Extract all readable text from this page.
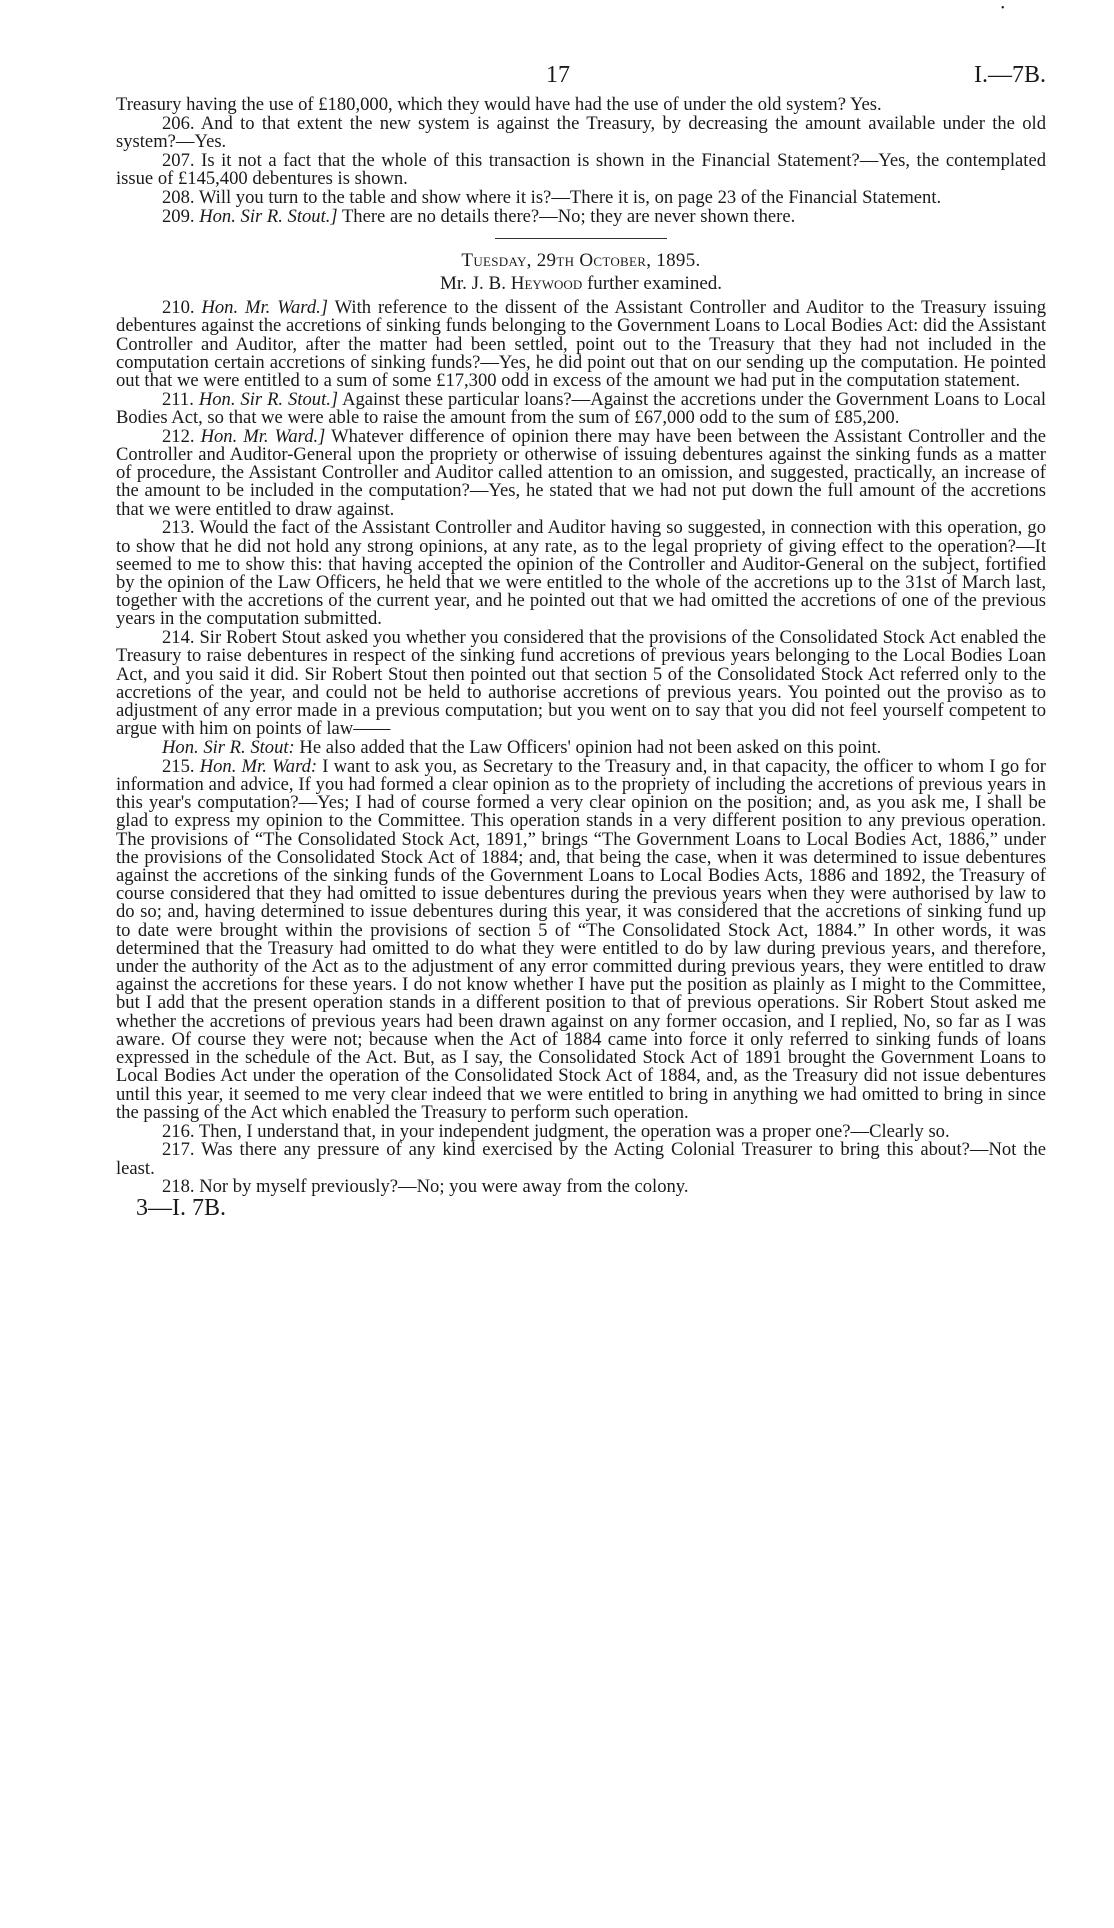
•
17	I.—7B.

Treasury having the use of £180,000, which they would have had the use of under the old system? Yes.

206. And to that extent the new system is against the Treasury, by decreasing the amount available under the old system?—Yes.

207. Is it not a fact that the whole of this transaction is shown in the Financial Statement?—Yes, the contemplated issue of £145,400 debentures is shown.

208. Will you turn to the table and show where it is?—There it is, on page 23 of the Financial Statement.

209. Hon. Sir R. Stout.] There are no details there?—No; they are never shown there.

Tuesday, 29th October, 1895.

Mr. J. B. Heywood further examined.

210. Hon. Mr. Ward.] With reference to the dissent of the Assistant Controller and Auditor to the Treasury issuing debentures against the accretions of sinking funds belonging to the Government Loans to Local Bodies Act: did the Assistant Controller and Auditor, after the matter had been settled, point out to the Treasury that they had not included in the computation certain accretions of sinking funds?—Yes, he did point out that on our sending up the computation. He pointed out that we were entitled to a sum of some £17,300 odd in excess of the amount we had put in the computation statement.

211. Hon. Sir R. Stout.] Against these particular loans?—Against the accretions under the Government Loans to Local Bodies Act, so that we were able to raise the amount from the sum of £67,000 odd to the sum of £85,200.

212. Hon. Mr. Ward.] Whatever difference of opinion there may have been between the Assistant Controller and the Controller and Auditor-General upon the propriety or otherwise of issuing debentures against the sinking funds as a matter of procedure, the Assistant Controller and Auditor called attention to an omission, and suggested, practically, an increase of the amount to be included in the computation?—Yes, he stated that we had not put down the full amount of the accretions that we were entitled to draw against.

213. Would the fact of the Assistant Controller and Auditor having so suggested, in connection with this operation, go to show that he did not hold any strong opinions, at any rate, as to the legal propriety of giving effect to the operation?—It seemed to me to show this: that having accepted the opinion of the Controller and Auditor-General on the subject, fortified by the opinion of the Law Officers, he held that we were entitled to the whole of the accretions up to the 31st of March last, together with the accretions of the current year, and he pointed out that we had omitted the accretions of one of the previous years in the computation submitted.

214. Sir Robert Stout asked you whether you considered that the provisions of the Consolidated Stock Act enabled the Treasury to raise debentures in respect of the sinking fund accretions of previous years belonging to the Local Bodies Loan Act, and you said it did. Sir Robert Stout then pointed out that section 5 of the Consolidated Stock Act referred only to the accretions of the year, and could not be held to authorise accretions of previous years. You pointed out the proviso as to adjustment of any error made in a previous computation; but you went on to say that you did not feel yourself competent to argue with him on points of law——

Hon. Sir R. Stout: He also added that the Law Officers' opinion had not been asked on this point.

215. Hon. Mr. Ward: I want to ask you, as Secretary to the Treasury and, in that capacity, the officer to whom I go for information and advice, If you had formed a clear opinion as to the propriety of including the accretions of previous years in this year's computation?—Yes; I had of course formed a very clear opinion on the position; and, as you ask me, I shall be glad to express my opinion to the Committee. This operation stands in a very different position to any previous operation. The provisions of “The Consolidated Stock Act, 1891,” brings “The Government Loans to Local Bodies Act, 1886,” under the provisions of the Consolidated Stock Act of 1884; and, that being the case, when it was determined to issue debentures against the accretions of the sinking funds of the Government Loans to Local Bodies Acts, 1886 and 1892, the Treasury of course considered that they had omitted to issue debentures during the previous years when they were authorised by law to do so; and, having determined to issue debentures during this year, it was considered that the accretions of sinking fund up to date were brought within the provisions of section 5 of “The Consolidated Stock Act, 1884.” In other words, it was determined that the Treasury had omitted to do what they were entitled to do by law during previous years, and therefore, under the authority of the Act as to the adjustment of any error committed during previous years, they were entitled to draw against the accretions for these years. I do not know whether I have put the position as plainly as I might to the Committee, but I add that the present operation stands in a different position to that of previous operations. Sir Robert Stout asked me whether the accretions of previous years had been drawn against on any former occasion, and I replied, No, so far as I was aware. Of course they were not; because when the Act of 1884 came into force it only referred to sinking funds of loans expressed in the schedule of the Act. But, as I say, the Consolidated Stock Act of 1891 brought the Government Loans to Local Bodies Act under the operation of the Consolidated Stock Act of 1884, and, as the Treasury did not issue debentures until this year, it seemed to me very clear indeed that we were entitled to bring in anything we had omitted to bring in since the passing of the Act which enabled the Treasury to perform such operation.

216. Then, I understand that, in your independent judgment, the operation was a proper one?—Clearly so.

217. Was there any pressure of any kind exercised by the Acting Colonial Treasurer to bring this about?—Not the least.

218. Nor by myself previously?—No; you were away from the colony.

3—I. 7B.
